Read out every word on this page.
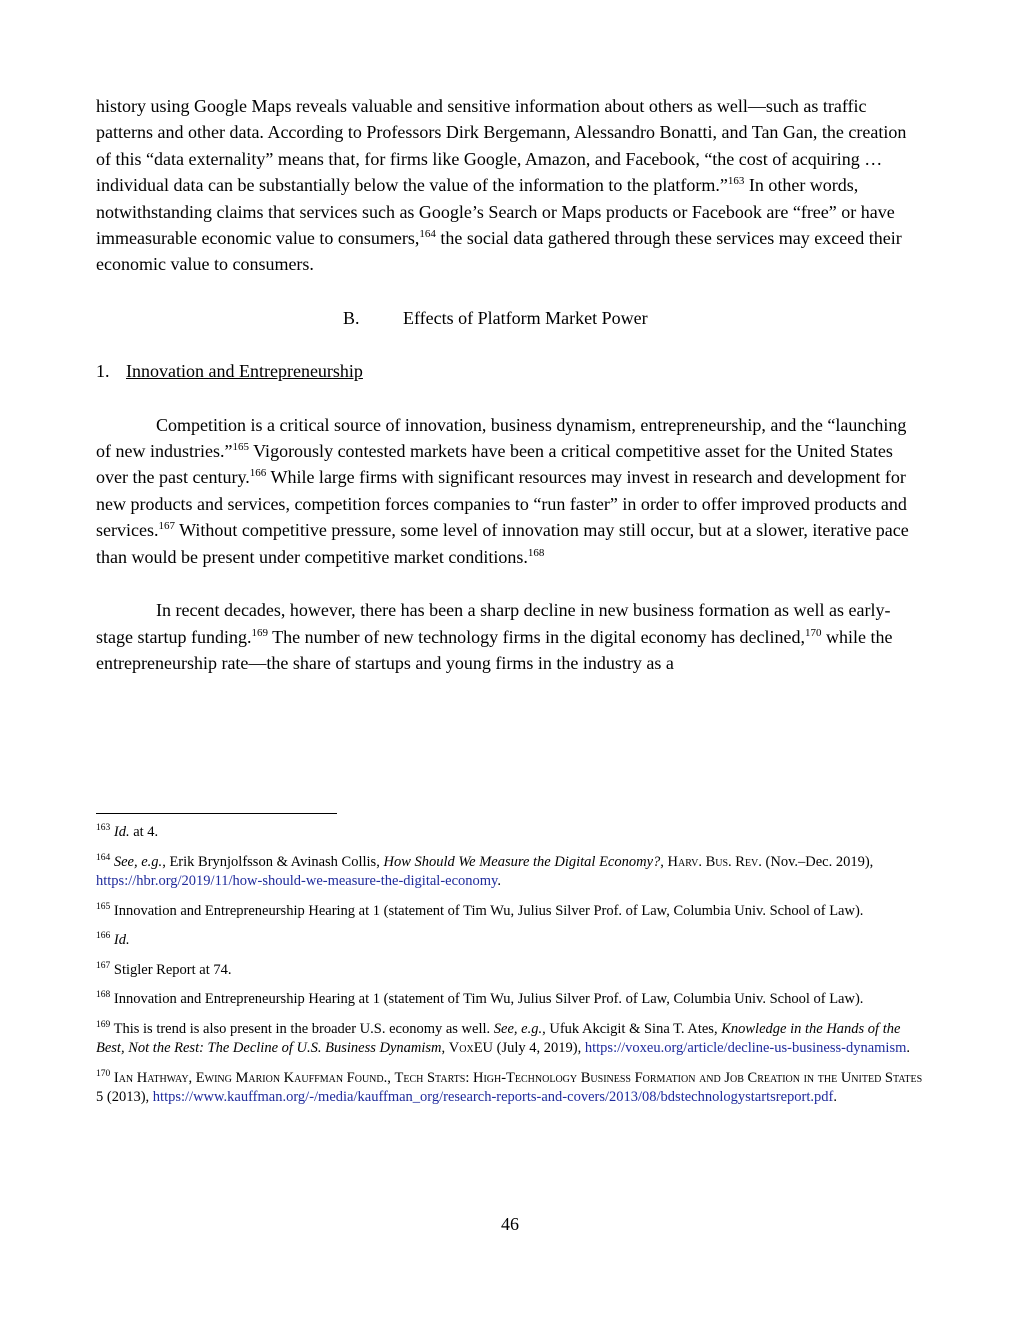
history using Google Maps reveals valuable and sensitive information about others as well—such as traffic patterns and other data. According to Professors Dirk Bergemann, Alessandro Bonatti, and Tan Gan, the creation of this “data externality” means that, for firms like Google, Amazon, and Facebook, “the cost of acquiring … individual data can be substantially below the value of the information to the platform.”$^{163}$ In other words, notwithstanding claims that services such as Google’s Search or Maps products or Facebook are “free” or have immeasurable economic value to consumers,$^{164}$ the social data gathered through these services may exceed their economic value to consumers.

B. Effects of Platform Market Power

1. Innovation and Entrepreneurship

Competition is a critical source of innovation, business dynamism, entrepreneurship, and the “launching of new industries.”$^{165}$ Vigorously contested markets have been a critical competitive asset for the United States over the past century.$^{166}$ While large firms with significant resources may invest in research and development for new products and services, competition forces companies to “run faster” in order to offer improved products and services.$^{167}$ Without competitive pressure, some level of innovation may still occur, but at a slower, iterative pace than would be present under competitive market conditions.$^{168}$

In recent decades, however, there has been a sharp decline in new business formation as well as early-stage startup funding.$^{169}$ The number of new technology firms in the digital economy has declined,$^{170}$ while the entrepreneurship rate—the share of startups and young firms in the industry as a

$^{163}$ Id. at 4.

$^{164}$ See, e.g., Erik Brynjolfsson & Avinash Collis, How Should We Measure the Digital Economy?, Harv. Bus. Rev. (Nov.–Dec. 2019), https://hbr.org/2019/11/how-should-we-measure-the-digital-economy.

$^{165}$ Innovation and Entrepreneurship Hearing at 1 (statement of Tim Wu, Julius Silver Prof. of Law, Columbia Univ. School of Law).

$^{166}$ Id.

$^{167}$ Stigler Report at 74.

$^{168}$ Innovation and Entrepreneurship Hearing at 1 (statement of Tim Wu, Julius Silver Prof. of Law, Columbia Univ. School of Law).

$^{169}$ This is trend is also present in the broader U.S. economy as well. See, e.g., Ufuk Akcigit & Sina T. Ates, Knowledge in the Hands of the Best, Not the Rest: The Decline of U.S. Business Dynamism, VoxEU (July 4, 2019), https://voxeu.org/article/decline-us-business-dynamism.

$^{170}$ Ian Hathway, Ewing Marion Kauffman Found., Tech Starts: High-Technology Business Formation and Job Creation in the United States 5 (2013), https://www.kauffman.org/-/media/kauffman_org/research-reports-and-covers/2013/08/bdstechnologystartsreport.pdf.

46
